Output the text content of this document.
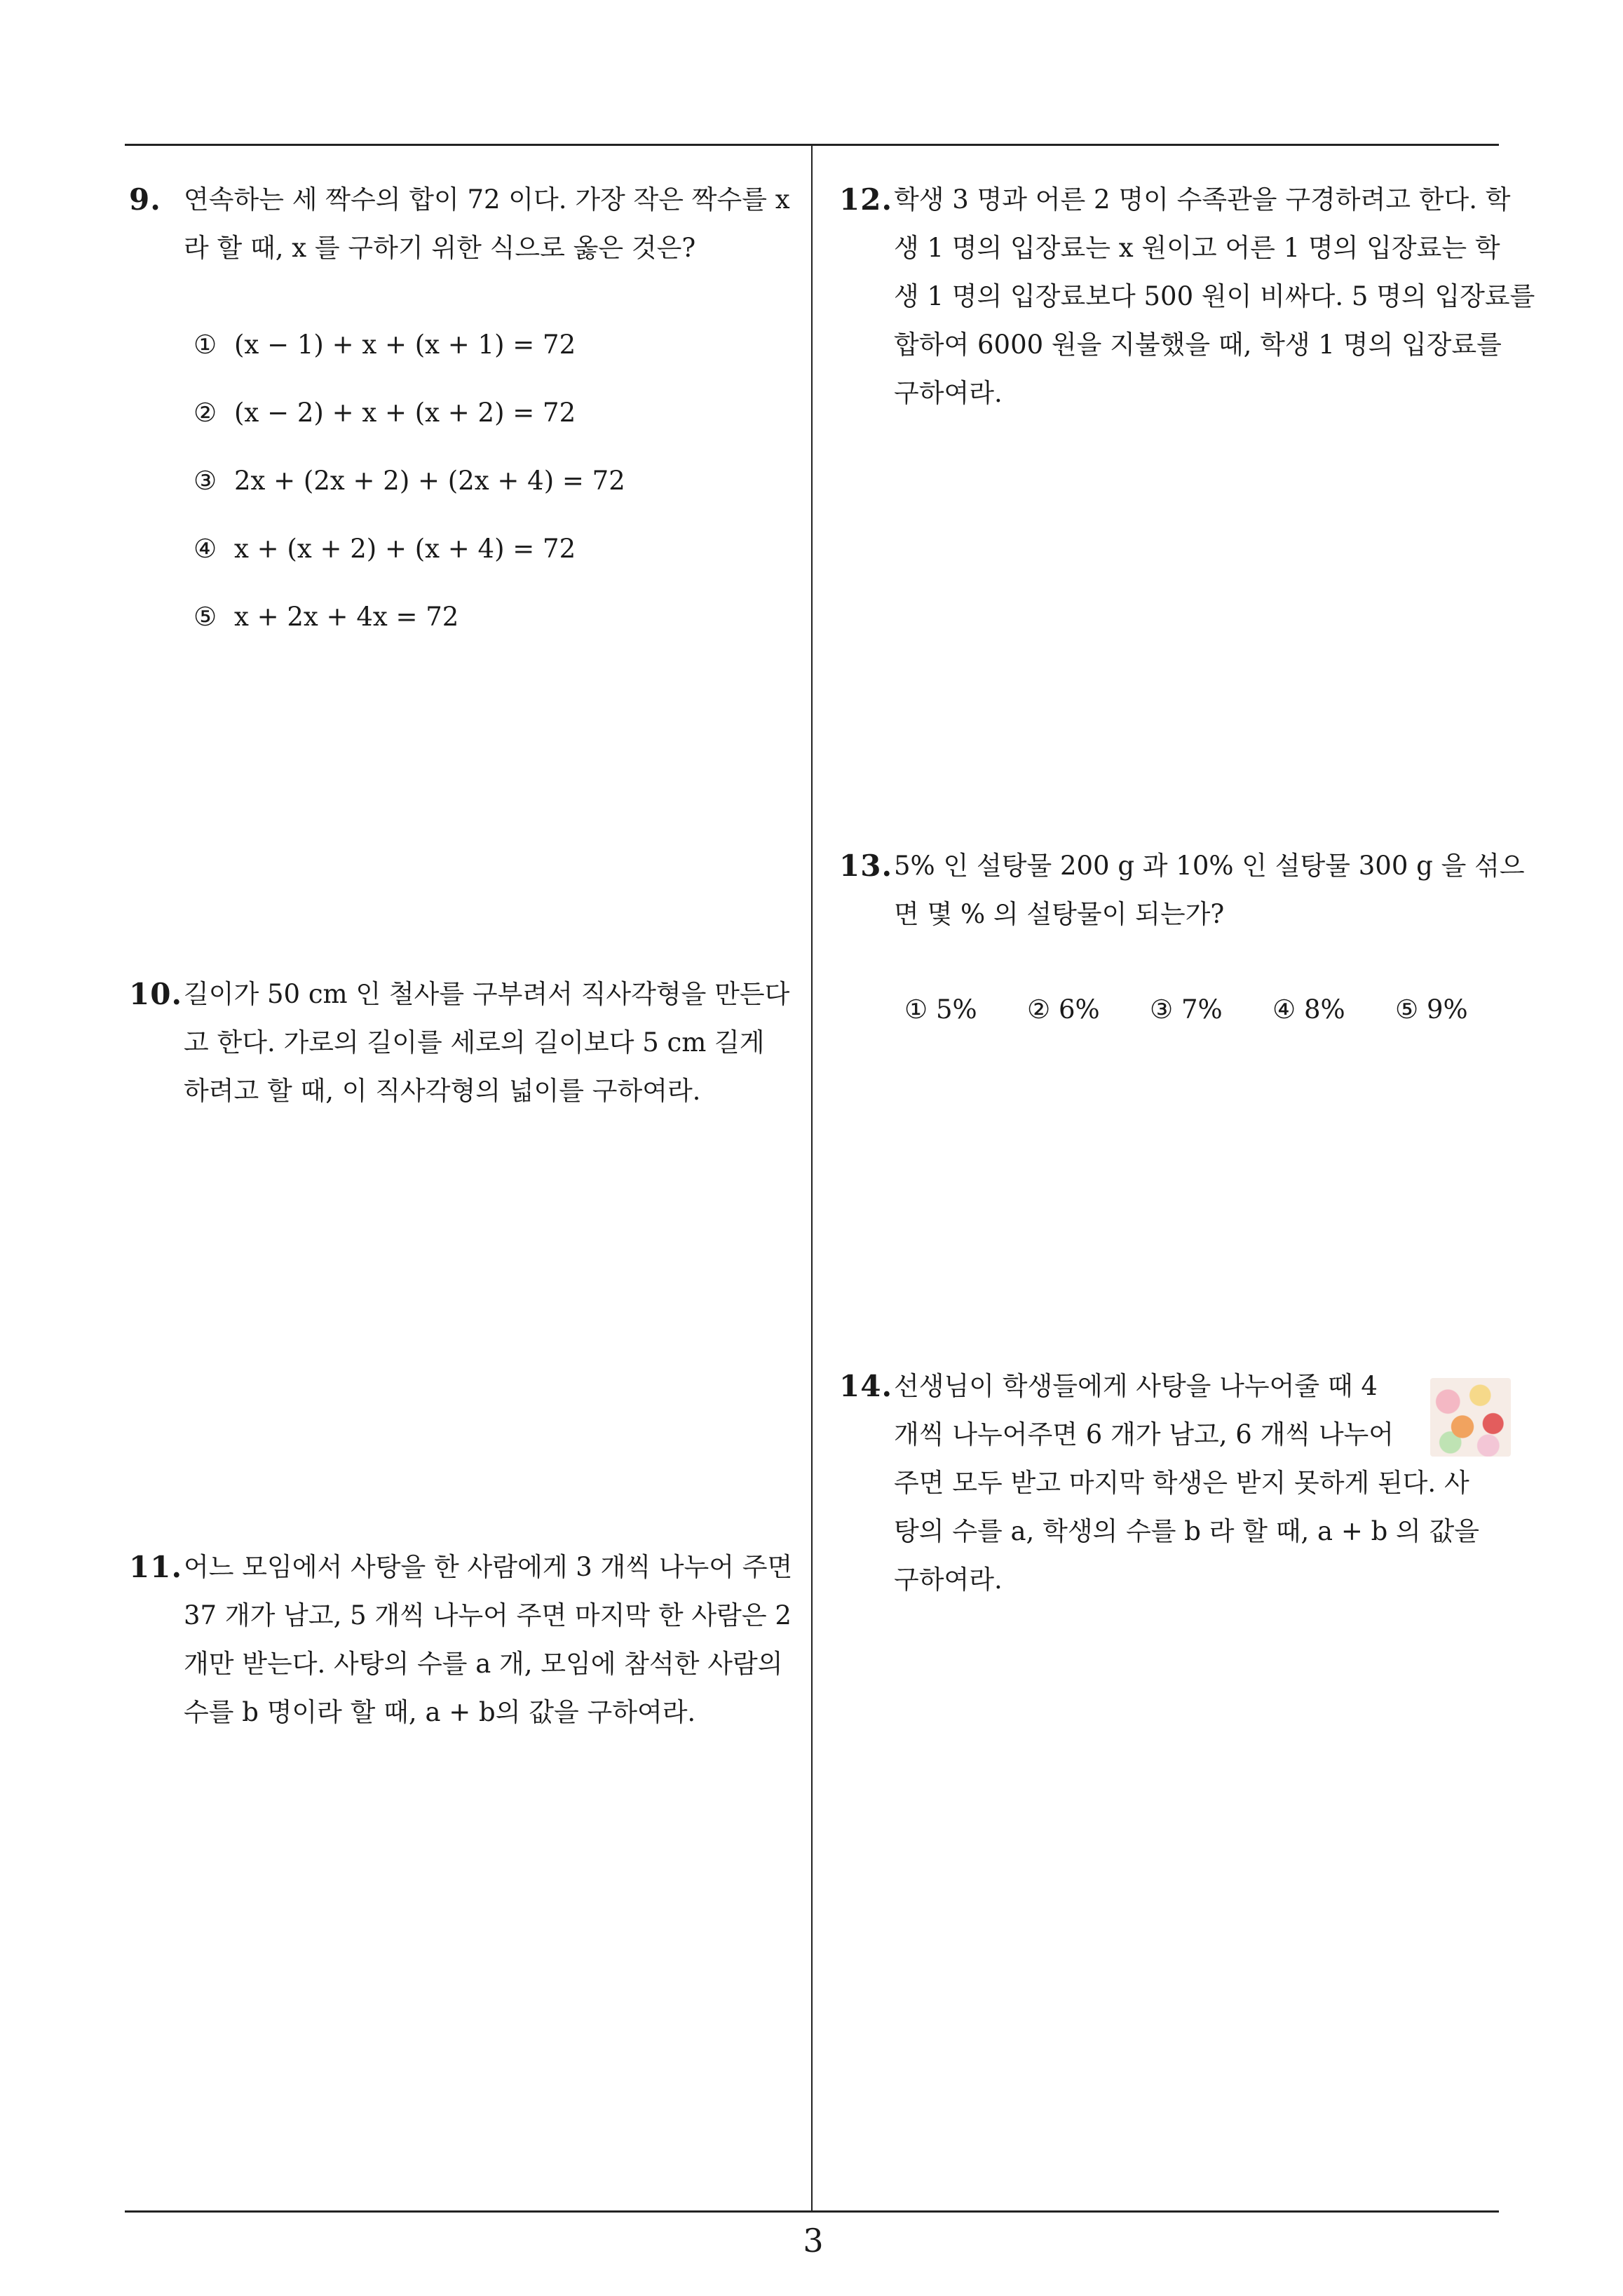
9. 연속하는 세 짝수의 합이 72 이다. 가장 작은 짝수를 x
라 할 때, x 를 구하기 위한 식으로 옳은 것은?
① (x − 1) + x + (x + 1) = 72
② (x − 2) + x + (x + 2) = 72
③ 2x + (2x + 2) + (2x + 4) = 72
④ x + (x + 2) + (x + 4) = 72
⑤ x + 2x + 4x = 72
10. 길이가 50 cm 인 철사를 구부려서 직사각형을 만든다
고 한다. 가로의 길이를 세로의 길이보다 5 cm 길게
하려고 할 때, 이 직사각형의 넓이를 구하여라.
11. 어느 모임에서 사탕을 한 사람에게 3 개씩 나누어 주면
37 개가 남고, 5 개씩 나누어 주면 마지막 한 사람은 2
개만 받는다. 사탕의 수를 a 개, 모임에 참석한 사람의
수를 b 명이라 할 때, a + b의 값을 구하여라.
12. 학생 3 명과 어른 2 명이 수족관을 구경하려고 한다. 학
생 1 명의 입장료는 x 원이고 어른 1 명의 입장료는 학
생 1 명의 입장료보다 500 원이 비싸다. 5 명의 입장료를
합하여 6000 원을 지불했을 때, 학생 1 명의 입장료를
구하여라.
13. 5% 인 설탕물 200 g 과 10% 인 설탕물 300 g 을 섞으
면 몇 % 의 설탕물이 되는가?
① 5% ② 6% ③ 7% ④ 8% ⑤ 9%
14. 선생님이 학생들에게 사탕을 나누어줄 때 4
개씩 나누어주면 6 개가 남고, 6 개씩 나누어
주면 모두 받고 마지막 학생은 받지 못하게 된다. 사
탕의 수를 a, 학생의 수를 b 라 할 때, a + b 의 값을
구하여라.
3
